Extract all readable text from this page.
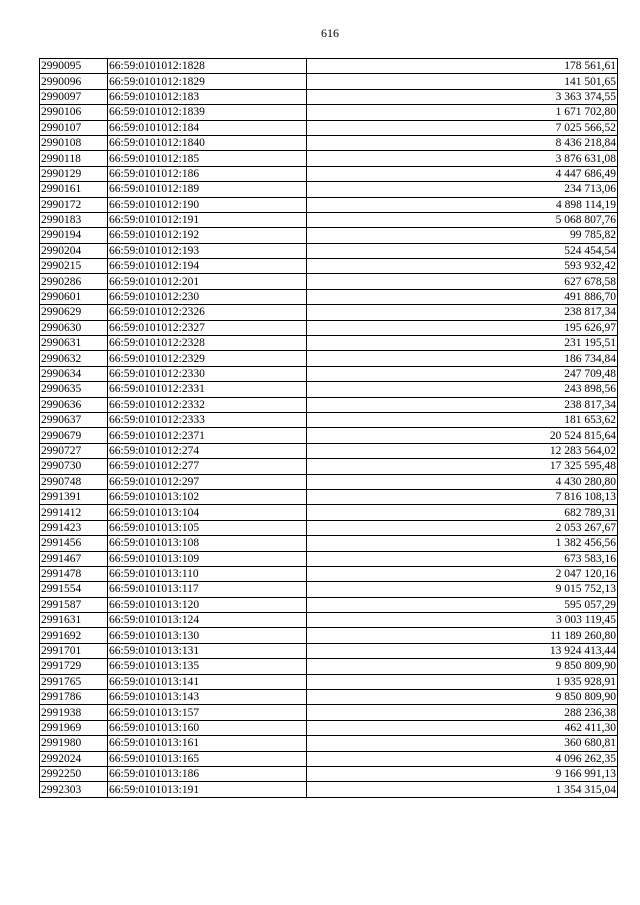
616
2990095	66:59:0101012:1828	178 561,61
2990096	66:59:0101012:1829	141 501,65
2990097	66:59:0101012:183	3 363 374,55
2990106	66:59:0101012:1839	1 671 702,80
2990107	66:59:0101012:184	7 025 566,52
2990108	66:59:0101012:1840	8 436 218,84
2990118	66:59:0101012:185	3 876 631,08
2990129	66:59:0101012:186	4 447 686,49
2990161	66:59:0101012:189	234 713,06
2990172	66:59:0101012:190	4 898 114,19
2990183	66:59:0101012:191	5 068 807,76
2990194	66:59:0101012:192	99 785,82
2990204	66:59:0101012:193	524 454,54
2990215	66:59:0101012:194	593 932,42
2990286	66:59:0101012:201	627 678,58
2990601	66:59:0101012:230	491 886,70
2990629	66:59:0101012:2326	238 817,34
2990630	66:59:0101012:2327	195 626,97
2990631	66:59:0101012:2328	231 195,51
2990632	66:59:0101012:2329	186 734,84
2990634	66:59:0101012:2330	247 709,48
2990635	66:59:0101012:2331	243 898,56
2990636	66:59:0101012:2332	238 817,34
2990637	66:59:0101012:2333	181 653,62
2990679	66:59:0101012:2371	20 524 815,64
2990727	66:59:0101012:274	12 283 564,02
2990730	66:59:0101012:277	17 325 595,48
2990748	66:59:0101012:297	4 430 280,80
2991391	66:59:0101013:102	7 816 108,13
2991412	66:59:0101013:104	682 789,31
2991423	66:59:0101013:105	2 053 267,67
2991456	66:59:0101013:108	1 382 456,56
2991467	66:59:0101013:109	673 583,16
2991478	66:59:0101013:110	2 047 120,16
2991554	66:59:0101013:117	9 015 752,13
2991587	66:59:0101013:120	595 057,29
2991631	66:59:0101013:124	3 003 119,45
2991692	66:59:0101013:130	11 189 260,80
2991701	66:59:0101013:131	13 924 413,44
2991729	66:59:0101013:135	9 850 809,90
2991765	66:59:0101013:141	1 935 928,91
2991786	66:59:0101013:143	9 850 809,90
2991938	66:59:0101013:157	288 236,38
2991969	66:59:0101013:160	462 411,30
2991980	66:59:0101013:161	360 680,81
2992024	66:59:0101013:165	4 096 262,35
2992250	66:59:0101013:186	9 166 991,13
2992303	66:59:0101013:191	1 354 315,04
